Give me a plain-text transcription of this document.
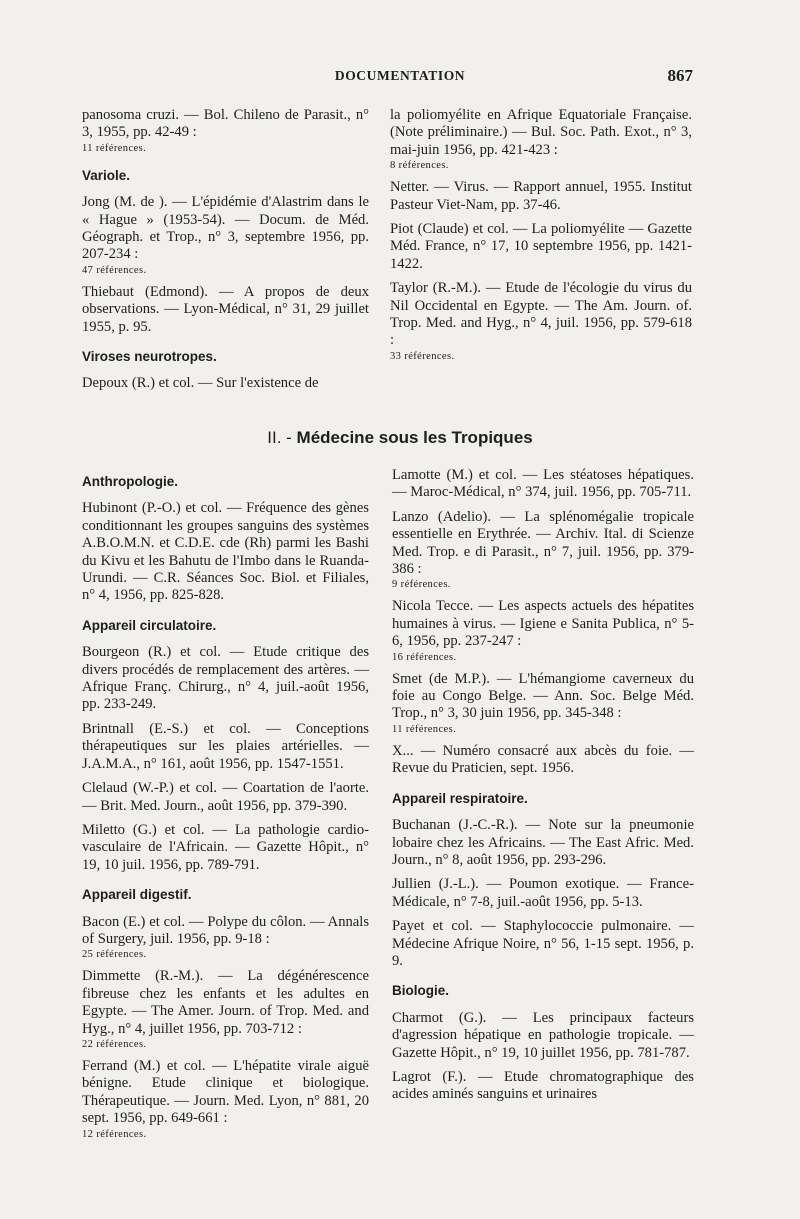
DOCUMENTATION	867
panosoma cruzi. — Bol. Chileno de Parasit., n° 3, 1955, pp. 42-49 :
11 références.
Variole.
Jong (M. de ). — L'épidémie d'Alastrim dans le « Hague » (1953-54). — Docum. de Méd. Géograph. et Trop., n° 3, septembre 1956, pp. 207-234 :
47 références.
Thiebaut (Edmond). — A propos de deux observations. — Lyon-Médical, n° 31, 29 juillet 1955, p. 95.
Viroses neurotropes.
Depoux (R.) et col. — Sur l'existence de
la poliomyélite en Afrique Equatoriale Française. (Note préliminaire.) — Bul. Soc. Path. Exot., n° 3, mai-juin 1956, pp. 421-423 :
8 références.
Netter. — Virus. — Rapport annuel, 1955. Institut Pasteur Viet-Nam, pp. 37-46.
Piot (Claude) et col. — La poliomyélite — Gazette Méd. France, n° 17, 10 septembre 1956, pp. 1421-1422.
Taylor (R.-M.). — Etude de l'écologie du virus du Nil Occidental en Egypte. — The Am. Journ. of. Trop. Med. and Hyg., n° 4, juil. 1956, pp. 579-618 :
33 références.
II. - Médecine sous les Tropiques
Anthropologie.
Hubinont (P.-O.) et col. — Fréquence des gènes conditionnant les groupes sanguins des systèmes A.B.O.M.N. et C.D.E. cde (Rh) parmi les Bashi du Kivu et les Bahutu de l'Imbo dans le Ruanda-Urundi. — C.R. Séances Soc. Biol. et Filiales, n° 4, 1956, pp. 825-828.
Appareil circulatoire.
Bourgeon (R.) et col. — Etude critique des divers procédés de remplacement des artères. — Afrique Franç. Chirurg., n° 4, juil.-août 1956, pp. 233-249.
Brintnall (E.-S.) et col. — Conceptions thérapeutiques sur les plaies artérielles. — J.A.M.A., n° 161, août 1956, pp. 1547-1551.
Clelaud (W.-P.) et col. — Coartation de l'aorte. — Brit. Med. Journ., août 1956, pp. 379-390.
Miletto (G.) et col. — La pathologie cardio-vasculaire de l'Africain. — Gazette Hôpit., n° 19, 10 juil. 1956, pp. 789-791.
Appareil digestif.
Bacon (E.) et col. — Polype du côlon. — Annals of Surgery, juil. 1956, pp. 9-18 :
25 références.
Dimmette (R.-M.). — La dégénérescence fibreuse chez les enfants et les adultes en Egypte. — The Amer. Journ. of Trop. Med. and Hyg., n° 4, juillet 1956, pp. 703-712 :
22 références.
Ferrand (M.) et col. — L'hépatite virale aiguë bénigne. Etude clinique et biologique. Thérapeutique. — Journ. Med. Lyon, n° 881, 20 sept. 1956, pp. 649-661 :
12 références.
Lamotte (M.) et col. — Les stéatoses hépatiques. — Maroc-Médical, n° 374, juil. 1956, pp. 705-711.
Lanzo (Adelio). — La splénomégalie tropicale essentielle en Erythrée. — Archiv. Ital. di Scienze Med. Trop. e di Parasit., n° 7, juil. 1956, pp. 379-386 :
9 références.
Nicola Tecce. — Les aspects actuels des hépatites humaines à virus. — Igiene e Sanita Publica, n° 5-6, 1956, pp. 237-247 :
16 références.
Smet (de M.P.). — L'hémangiome caverneux du foie au Congo Belge. — Ann. Soc. Belge Méd. Trop., n° 3, 30 juin 1956, pp. 345-348 :
11 références.
X... — Numéro consacré aux abcès du foie. — Revue du Praticien, sept. 1956.
Appareil respiratoire.
Buchanan (J.-C.-R.). — Note sur la pneumonie lobaire chez les Africains. — The East Afric. Med. Journ., n° 8, août 1956, pp. 293-296.
Jullien (J.-L.). — Poumon exotique. — France-Médicale, n° 7-8, juil.-août 1956, pp. 5-13.
Payet et col. — Staphylococcie pulmonaire. — Médecine Afrique Noire, n° 56, 1-15 sept. 1956, p. 9.
Biologie.
Charmot (G.). — Les principaux facteurs d'agression hépatique en pathologie tropicale. — Gazette Hôpit., n° 19, 10 juillet 1956, pp. 781-787.
Lagrot (F.). — Etude chromatographique des acides aminés sanguins et urinaires
